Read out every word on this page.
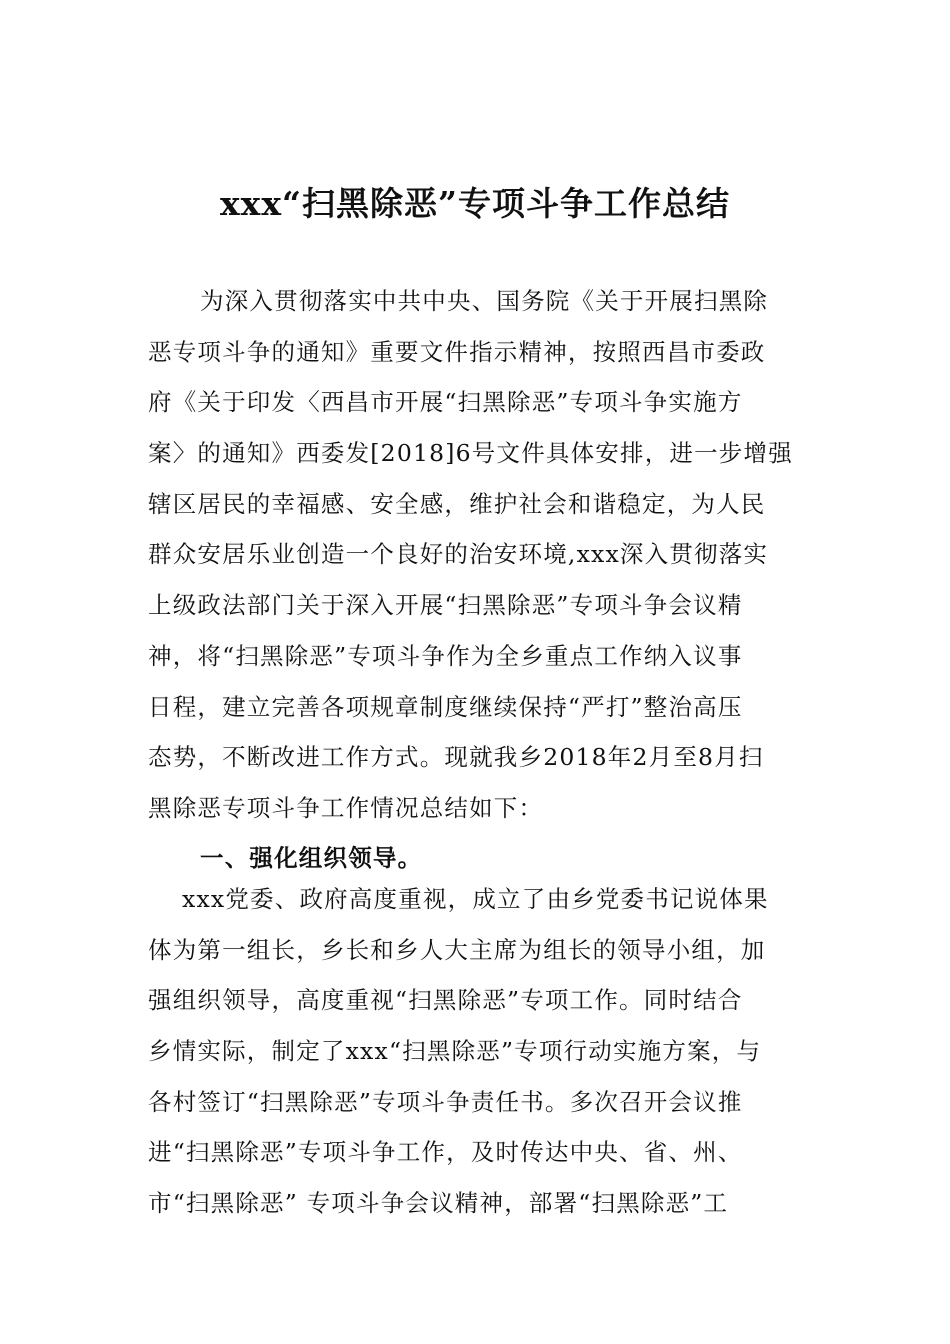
xxx“扫黑除恶”专项斗争工作总结
为深入贯彻落实中共中央、国务院《关于开展扫黑除
恶专项斗争的通知》重要文件指示精神，按照西昌市委政
府《关于印发〈西昌市开展“扫黑除恶”专项斗争实施方
案〉的通知》西委发[2018]6号文件具体安排，进一步增强
辖区居民的幸福感、安全感，维护社会和谐稳定，为人民
群众安居乐业创造一个良好的治安环境,xxx深入贯彻落实
上级政法部门关于深入开展“扫黑除恶”专项斗争会议精
神，将“扫黑除恶”专项斗争作为全乡重点工作纳入议事
日程，建立完善各项规章制度继续保持“严打”整治高压
态势，不断改进工作方式。现就我乡2018年2月至8月扫
黑除恶专项斗争工作情况总结如下：
一、强化组织领导。
xxx党委、政府高度重视，成立了由乡党委书记说体果
体为第一组长，乡长和乡人大主席为组长的领导小组，加
强组织领导，高度重视“扫黑除恶”专项工作。同时结合
乡情实际，制定了xxx“扫黑除恶”专项行动实施方案，与
各村签订“扫黑除恶”专项斗争责任书。多次召开会议推
进“扫黑除恶”专项斗争工作，及时传达中央、省、州、
市“扫黑除恶” 专项斗争会议精神，部署“扫黑除恶”工
